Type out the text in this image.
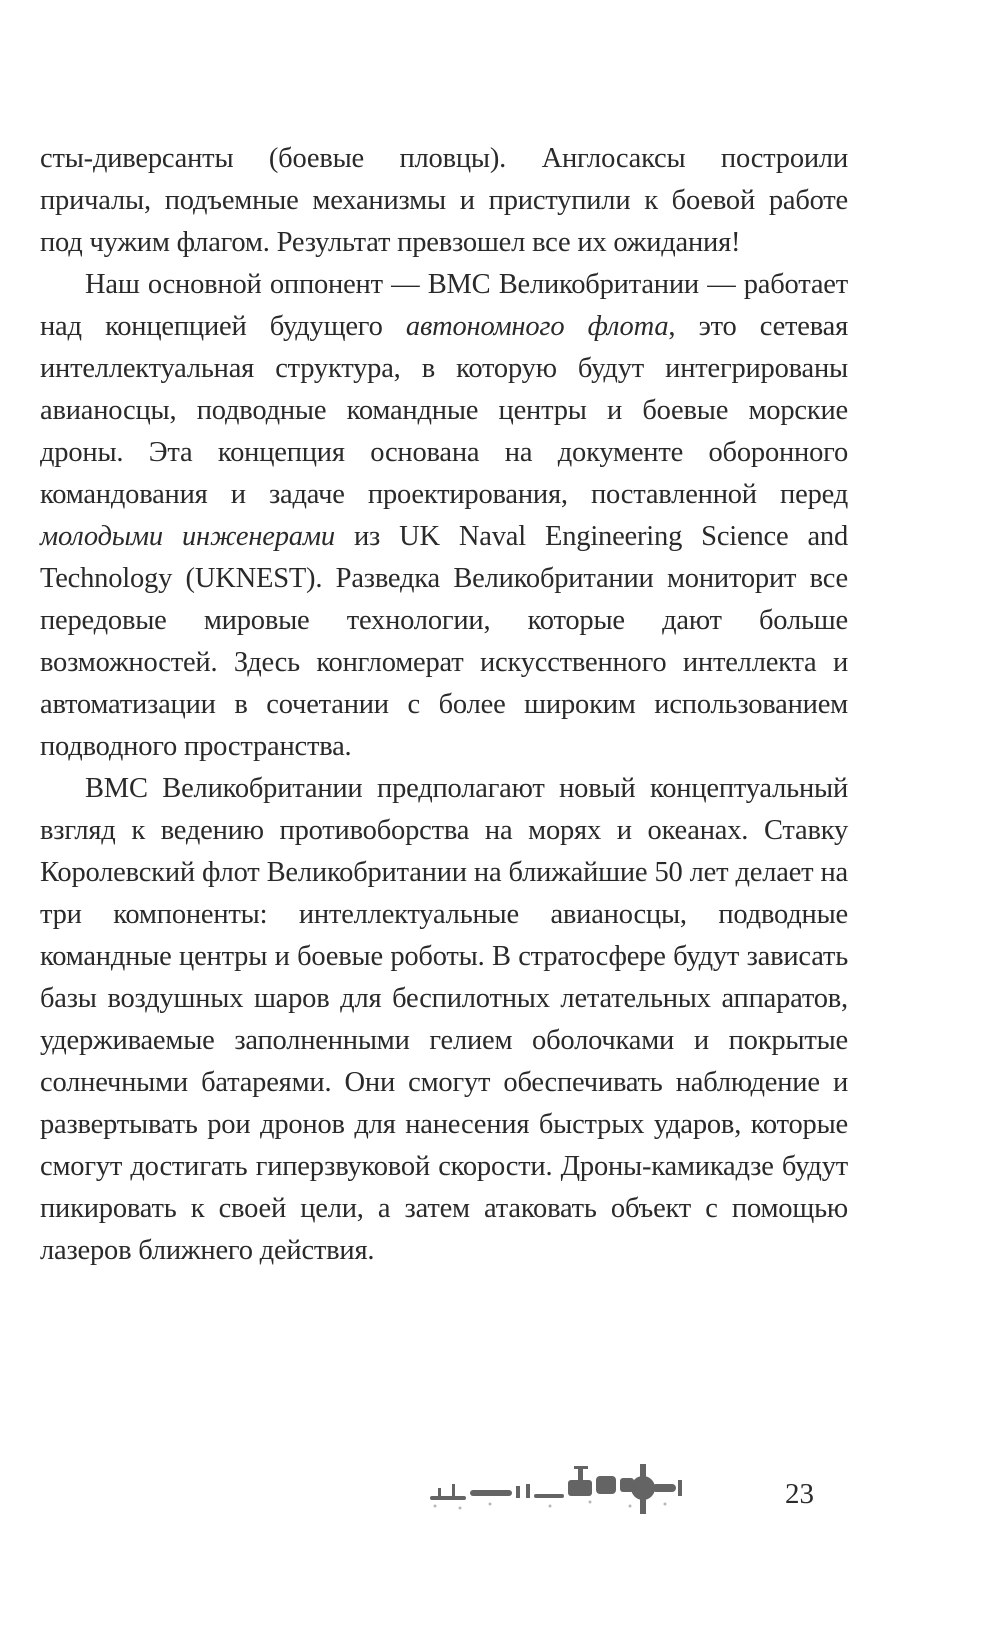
сты-диверсанты (боевые пловцы). Англосаксы построили причалы, подъемные механизмы и приступили к боевой работе под чужим флагом. Результат превзошел все их ожидания!

Наш основной оппонент — ВМС Великобритании — работает над концепцией будущего автономного флота, это сетевая интеллектуальная структура, в которую будут интегрированы авианосцы, подводные командные центры и боевые морские дроны. Эта концепция основана на документе оборонного командования и задаче проектирования, поставленной перед молодыми инженерами из UK Naval Engineering Science and Technology (UKNEST). Разведка Великобритании мониторит все передовые мировые технологии, которые дают больше возможностей. Здесь конгломерат искусственного интеллекта и автоматизации в сочетании с более широким использованием подводного пространства.

ВМС Великобритании предполагают новый концептуальный взгляд к ведению противоборства на морях и океанах. Ставку Королевский флот Великобритании на ближайшие 50 лет делает на три компоненты: интеллектуальные авианосцы, подводные командные центры и боевые роботы. В стратосфере будут зависать базы воздушных шаров для беспилотных летательных аппаратов, удерживаемые заполненными гелием оболочками и покрытые солнечными батареями. Они смогут обеспечивать наблюдение и развертывать рои дронов для нанесения быстрых ударов, которые смогут достигать гиперзвуковой скорости. Дроны-камикадзе будут пикировать к своей цели, а затем атаковать объект с помощью лазеров ближнего действия.

23
